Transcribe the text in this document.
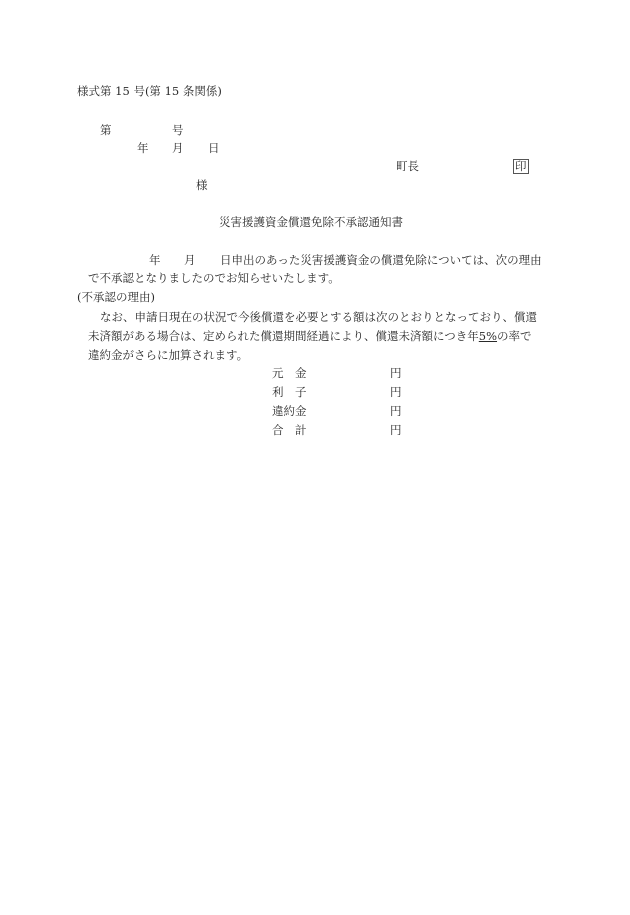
様式第 15 号(第 15 条関係)
第	号
年 月 日
町長	印
様
災害援護資金償還免除不承認通知書
年 月 日申出のあった災害援護資金の償還免除については、次の理由
で不承認となりましたのでお知らせいたします。
(不承認の理由)
なお、申請日現在の状況で今後償還を必要とする額は次のとおりとなっており、償還
未済額がある場合は、定められた償還期間経過により、償還未済額につき年5%の率で
違約金がさらに加算されます。
元　金	円
利　子	円
違約金	円
合　計	円
